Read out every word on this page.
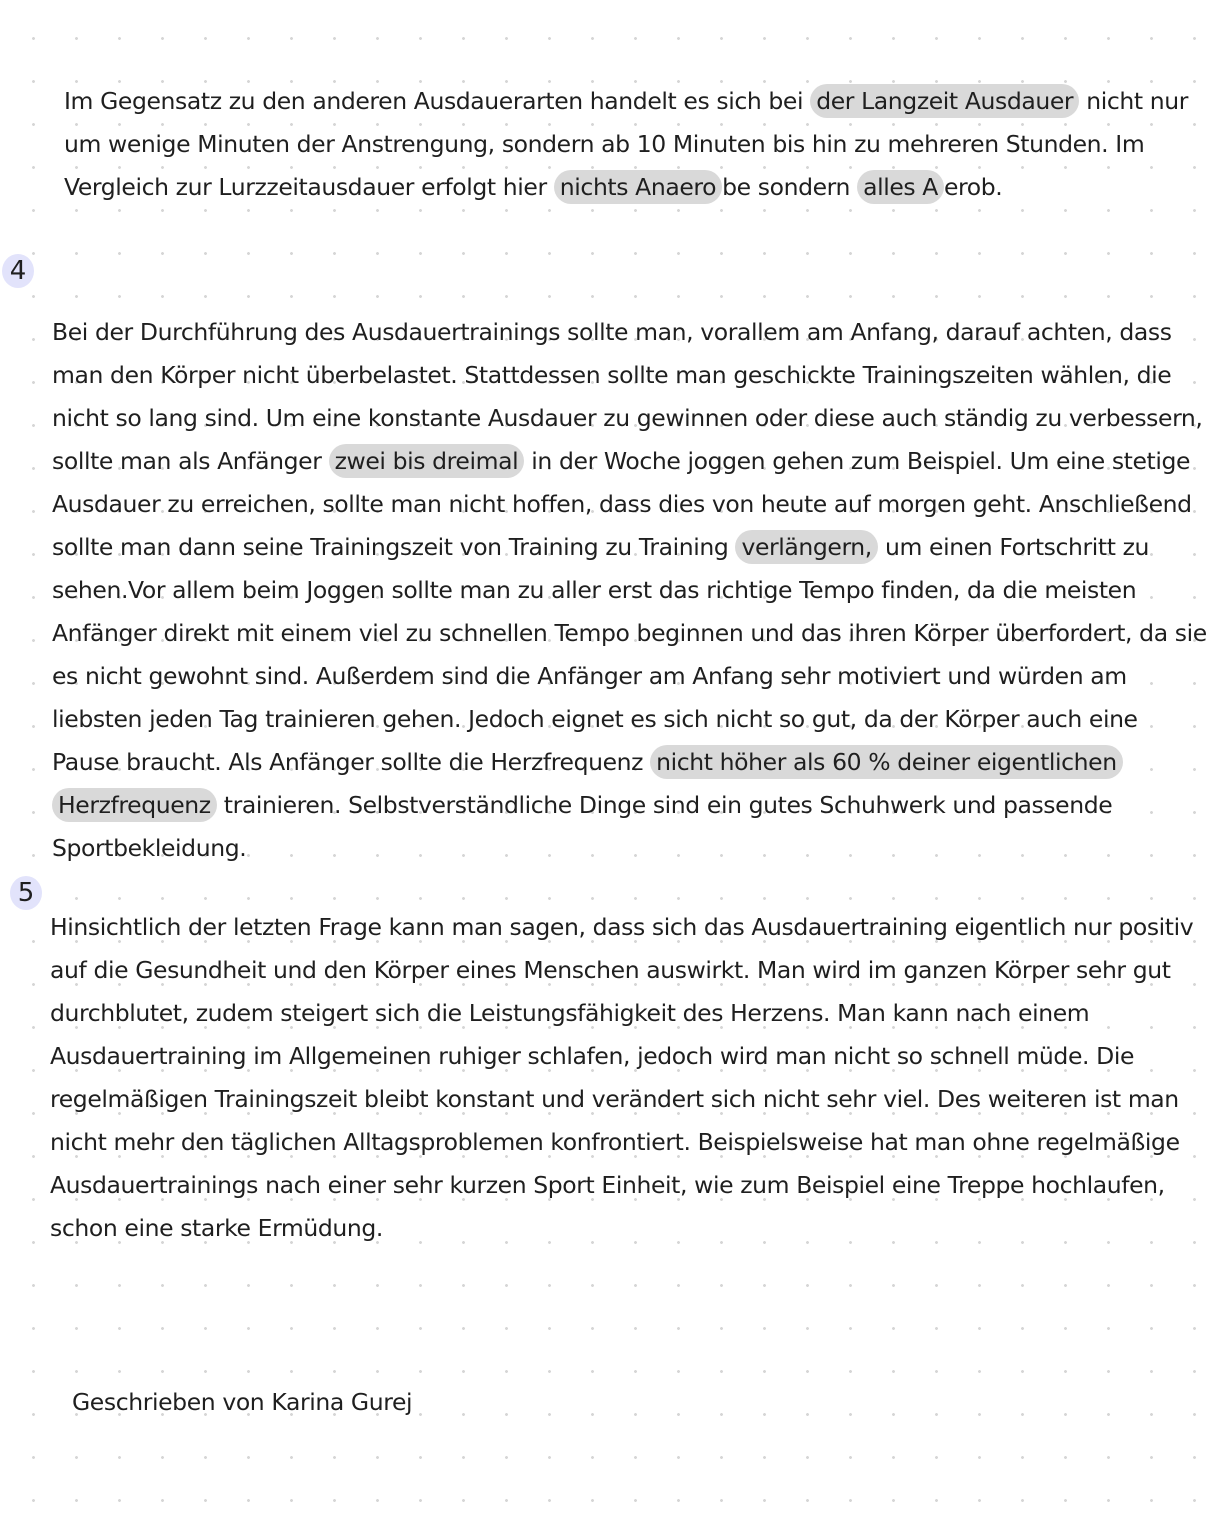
4
5
Im Gegensatz zu den anderen Ausdauerarten handelt es sich bei der Langzeit Ausdauer nicht nur
um wenige Minuten der Anstrengung, sondern ab 10 Minuten bis hin zu mehreren Stunden. Im
Vergleich zur Lurzzeitausdauer erfolgt hier nichts Anaero be sondern alles A erob.
Bei der Durchführung des Ausdauertrainings sollte man, vorallem am Anfang, darauf achten, dass
man den Körper nicht überbelastet. Stattdessen sollte man geschickte Trainingszeiten wählen, die
nicht so lang sind. Um eine konstante Ausdauer zu gewinnen oder diese auch ständig zu verbessern,
sollte man als Anfänger zwei bis dreimal in der Woche joggen gehen zum Beispiel. Um eine stetige
Ausdauer zu erreichen, sollte man nicht hoffen, dass dies von heute auf morgen geht. Anschließend
sollte man dann seine Trainingszeit von Training zu Training verlängern, um einen Fortschritt zu
sehen.Vor allem beim Joggen sollte man zu aller erst das richtige Tempo finden, da die meisten
Anfänger direkt mit einem viel zu schnellen Tempo beginnen und das ihren Körper überfordert, da sie
es nicht gewohnt sind. Außerdem sind die Anfänger am Anfang sehr motiviert und würden am
liebsten jeden Tag trainieren gehen. Jedoch eignet es sich nicht so gut, da der Körper auch eine
Pause braucht. Als Anfänger sollte die Herzfrequenz nicht höher als 60 % deiner eigentlichen
Herzfrequenz trainieren. Selbstverständliche Dinge sind ein gutes Schuhwerk und passende
Sportbekleidung.
Hinsichtlich der letzten Frage kann man sagen, dass sich das Ausdauertraining eigentlich nur positiv
auf die Gesundheit und den Körper eines Menschen auswirkt. Man wird im ganzen Körper sehr gut
durchblutet, zudem steigert sich die Leistungsfähigkeit des Herzens. Man kann nach einem
Ausdauertraining im Allgemeinen ruhiger schlafen, jedoch wird man nicht so schnell müde. Die
regelmäßigen Trainingszeit bleibt konstant und verändert sich nicht sehr viel. Des weiteren ist man
nicht mehr den täglichen Alltagsproblemen konfrontiert. Beispielsweise hat man ohne regelmäßige
Ausdauertrainings nach einer sehr kurzen Sport Einheit, wie zum Beispiel eine Treppe hochlaufen,
schon eine starke Ermüdung.
Geschrieben von Karina Gurej
